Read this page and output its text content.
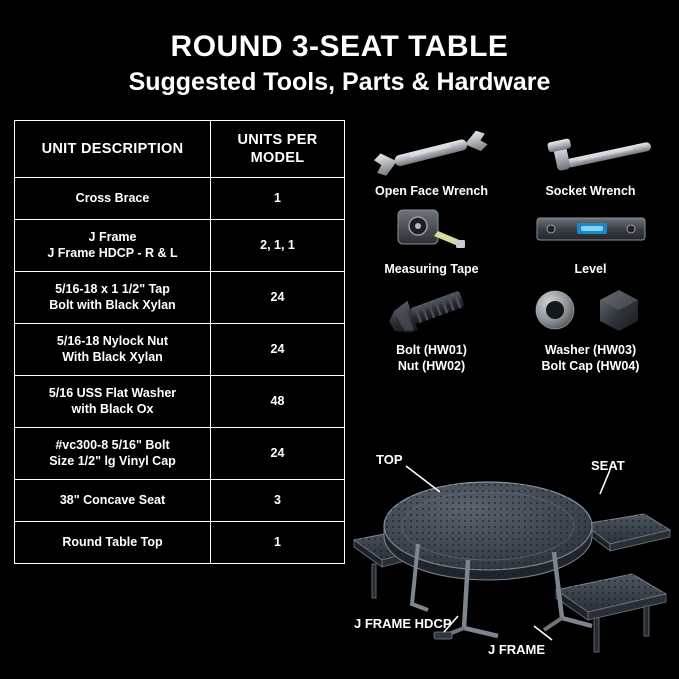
ROUND 3-SEAT TABLE
Suggested Tools, Parts & Hardware
UNIT DESCRIPTION	UNITS PER
MODEL

Cross Brace	1

J Frame
J Frame HDCP - R & L	2, 1, 1

5/16-18 x 1 1/2" Tap
Bolt with Black Xylan	24

5/16-18 Nylock Nut
With Black Xylan	24

5/16 USS Flat Washer
with Black Ox	48

#vc300-8 5/16" Bolt
Size 1/2" lg Vinyl Cap	24

38" Concave Seat	3

Round Table Top	1
Open Face Wrench	Socket Wrench
Measuring Tape	Level
Bolt (HW01)
Nut (HW02)
Washer (HW03)
Bolt Cap (HW04)
TOP	SEAT
J FRAME HDCP
J FRAME
